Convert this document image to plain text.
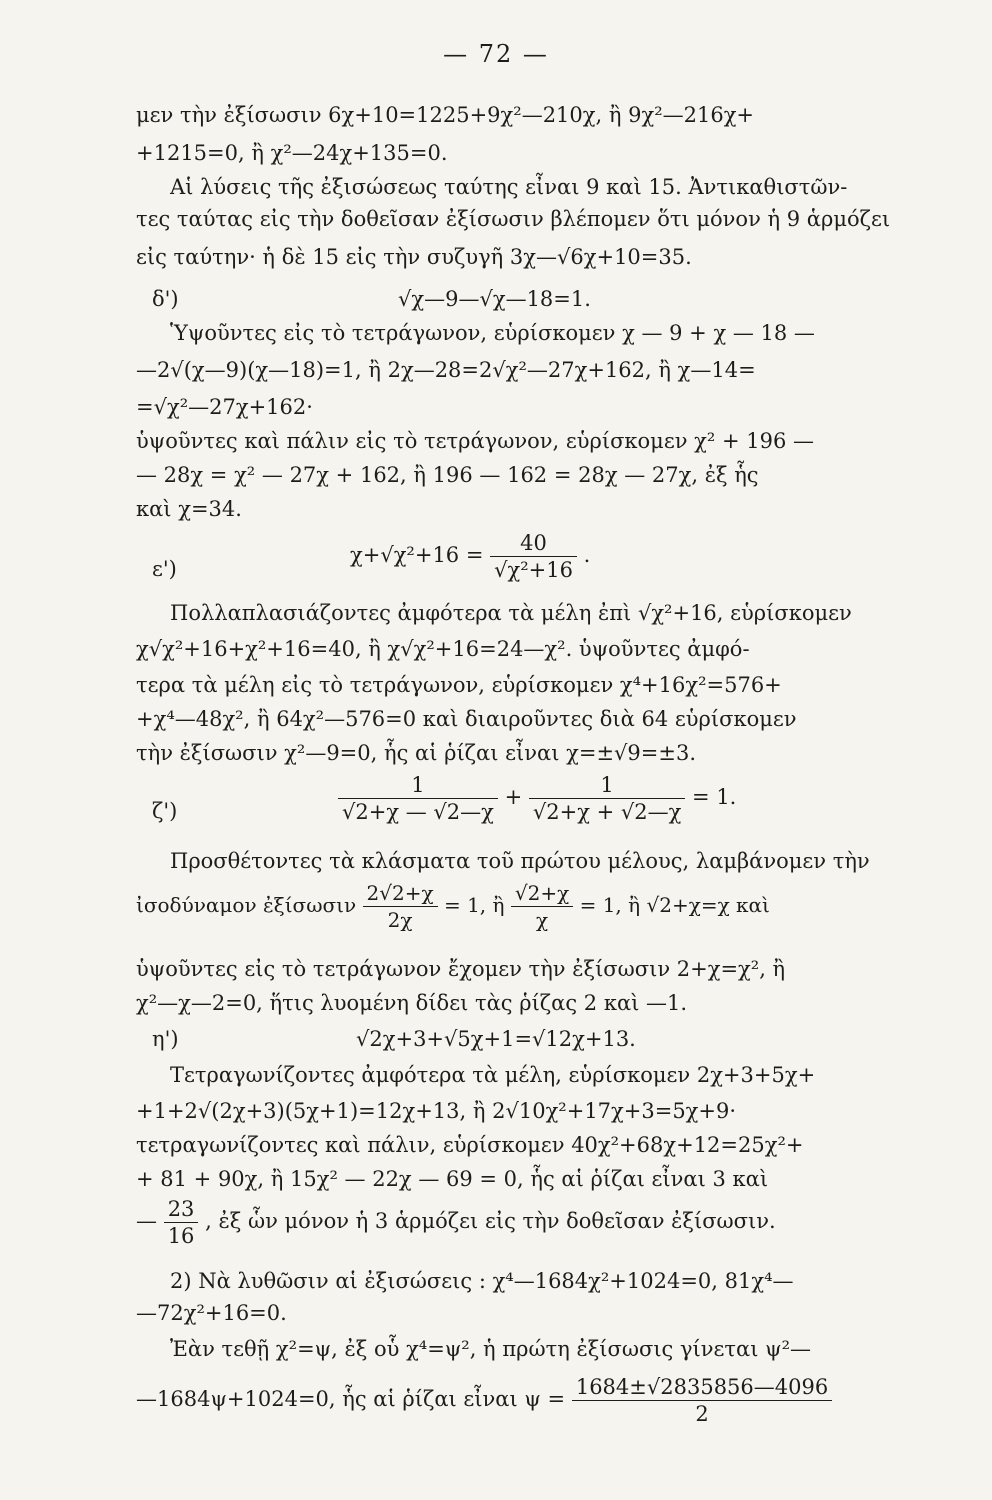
— 72 —
μεν τὴν ἐξίσωσιν 6χ+10=1225+9χ²—210χ, ἢ 9χ²—216χ+
+1215=0, ἢ χ²—24χ+135=0.
Αἱ λύσεις τῆς ἐξισώσεως ταύτης εἶναι 9 καὶ 15. Ἀντικαθιστῶν-
τες ταύτας εἰς τὴν δοθεῖσαν ἐξίσωσιν βλέπομεν ὅτι μόνον ἡ 9 ἁρμόζει
εἰς ταύτην· ἡ δὲ 15 εἰς τὴν συζυγῆ 3χ—√6χ+10=35.
δ')	√χ—9—√χ—18=1.
Ὑψοῦντες εἰς τὸ τετράγωνον, εὑρίσκομεν χ — 9 + χ — 18 —
—2√(χ—9)(χ—18)=1, ἢ 2χ—28=2√χ²—27χ+162, ἢ χ—14=
=√χ²—27χ+162·
ὑψοῦντες καὶ πάλιν εἰς τὸ τετράγωνον, εὑρίσκομεν χ² + 196 —
— 28χ = χ² — 27χ + 162, ἢ 196 — 162 = 28χ — 27χ, ἐξ ἧς
καὶ χ=34.
ε')
$\chi+√\chi^2+16 = \frac{40}{\text{√χ²+16}}$ .
Πολλαπλασιάζοντες ἀμφότερα τὰ μέλη ἐπὶ √χ²+16, εὑρίσκομεν
χ√χ²+16+χ²+16=40, ἢ χ√χ²+16=24—χ². ὑψοῦντες ἀμφό-
τερα τὰ μέλη εἰς τὸ τετράγωνον, εὑρίσκομεν χ⁴+16χ²=576+
+χ⁴—48χ², ἢ 64χ²—576=0 καὶ διαιροῦντες διὰ 64 εὑρίσκομεν
τὴν ἐξίσωσιν χ²—9=0, ἧς αἱ ῥίζαι εἶναι χ=±√9=±3.
ζ')	$\frac{1}{√2+\chi — √2—\chi} + \frac{1}{√2+\chi + √2—\chi} = 1$.
Προσθέτοντες τὰ κλάσματα τοῦ πρώτου μέλους, λαμβάνομεν τὴν
ἰσοδύναμον ἐξίσωσιν $\frac{2√2+\chi}{2\chi} = 1$, ἢ $\frac{√2+\chi}{\chi} = 1$, ἢ √2+χ=χ καὶ
ὑψοῦντες εἰς τὸ τετράγωνον ἔχομεν τὴν ἐξίσωσιν 2+χ=χ², ἢ
χ²—χ—2=0, ἥτις λυομένη δίδει τὰς ῥίζας 2 καὶ —1.
η')	√2χ+3+√5χ+1=√12χ+13.
Τετραγωνίζοντες ἀμφότερα τὰ μέλη, εὑρίσκομεν 2χ+3+5χ+
+1+2√(2χ+3)(5χ+1)=12χ+13, ἢ 2√10χ²+17χ+3=5χ+9·
τετραγωνίζοντες καὶ πάλιν, εὑρίσκομεν 40χ²+68χ+12=25χ²+
+ 81 + 90χ, ἢ 15χ² — 22χ — 69 = 0, ἧς αἱ ῥίζαι εἶναι 3 καὶ
— $\frac{23}{16}$ , ἐξ ὧν μόνον ἡ 3 ἁρμόζει εἰς τὴν δοθεῖσαν ἐξίσωσιν.
2) Νὰ λυθῶσιν αἱ ἐξισώσεις : χ⁴—1684χ²+1024=0, 81χ⁴—
—72χ²+16=0.
Ἐὰν τεθῇ χ²=ψ, ἐξ οὗ χ⁴=ψ², ἡ πρώτη ἐξίσωσις γίνεται ψ²—
—1684ψ+1024=0, ἧς αἱ ῥίζαι εἶναι $\psi = \frac{1684\pm√2835856—4096}{2}$
